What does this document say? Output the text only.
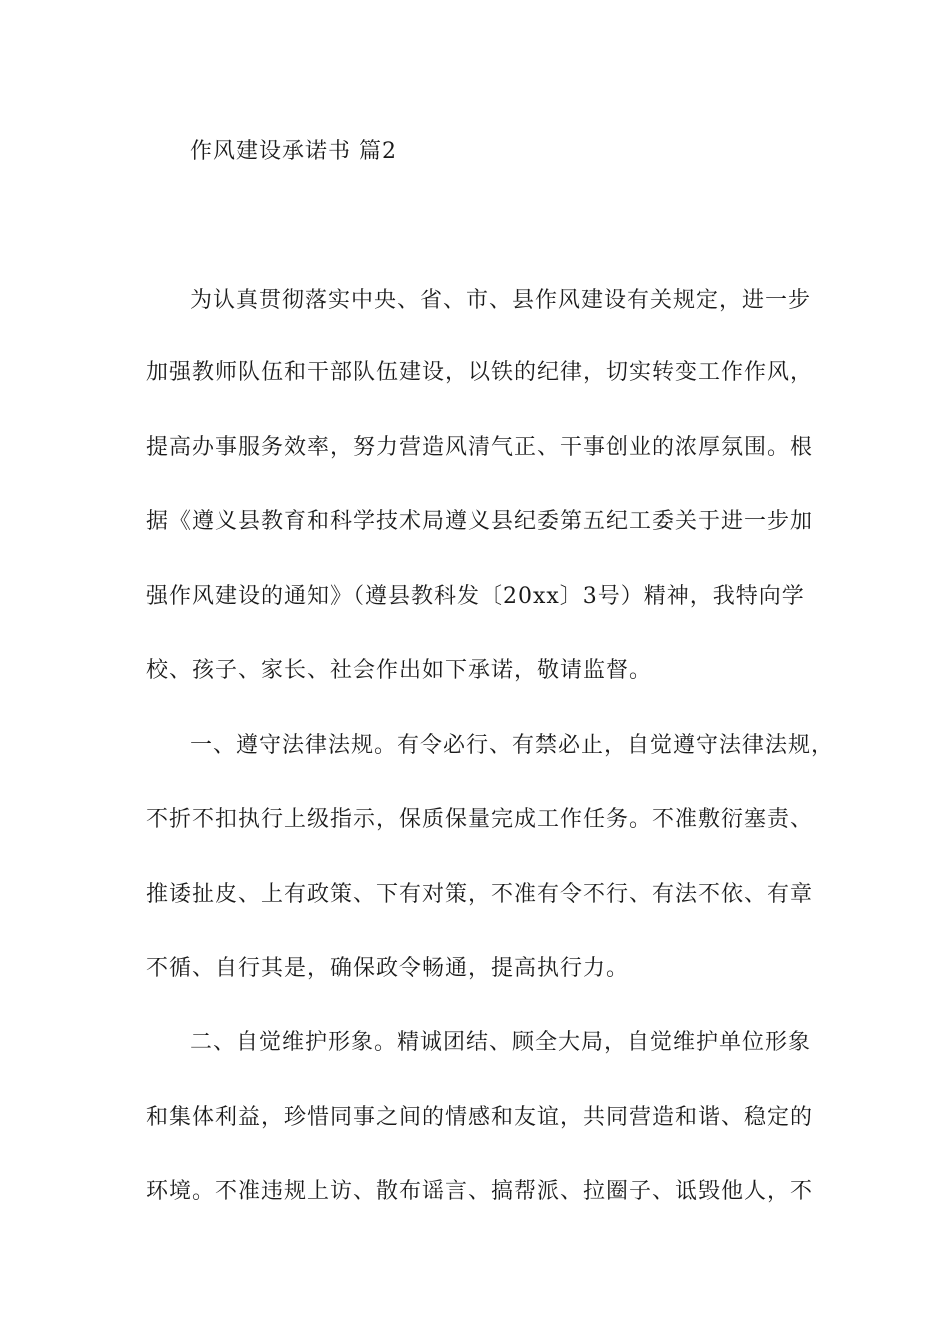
作风建设承诺书 篇2
为认真贯彻落实中央、省、市、县作风建设有关规定，进一步
加强教师队伍和干部队伍建设，以铁的纪律，切实转变工作作风，
提高办事服务效率，努力营造风清气正、干事创业的浓厚氛围。根
据《遵义县教育和科学技术局遵义县纪委第五纪工委关于进一步加
强作风建设的通知》（遵县教科发〔20xx〕3号）精神，我特向学
校、孩子、家长、社会作出如下承诺，敬请监督。
一、遵守法律法规。有令必行、有禁必止，自觉遵守法律法规，
不折不扣执行上级指示，保质保量完成工作任务。不准敷衍塞责、
推诿扯皮、上有政策、下有对策，不准有令不行、有法不依、有章
不循、自行其是，确保政令畅通，提高执行力。
二、自觉维护形象。精诚团结、顾全大局，自觉维护单位形象
和集体利益，珍惜同事之间的情感和友谊，共同营造和谐、稳定的
环境。不准违规上访、散布谣言、搞帮派、拉圈子、诋毁他人，不
